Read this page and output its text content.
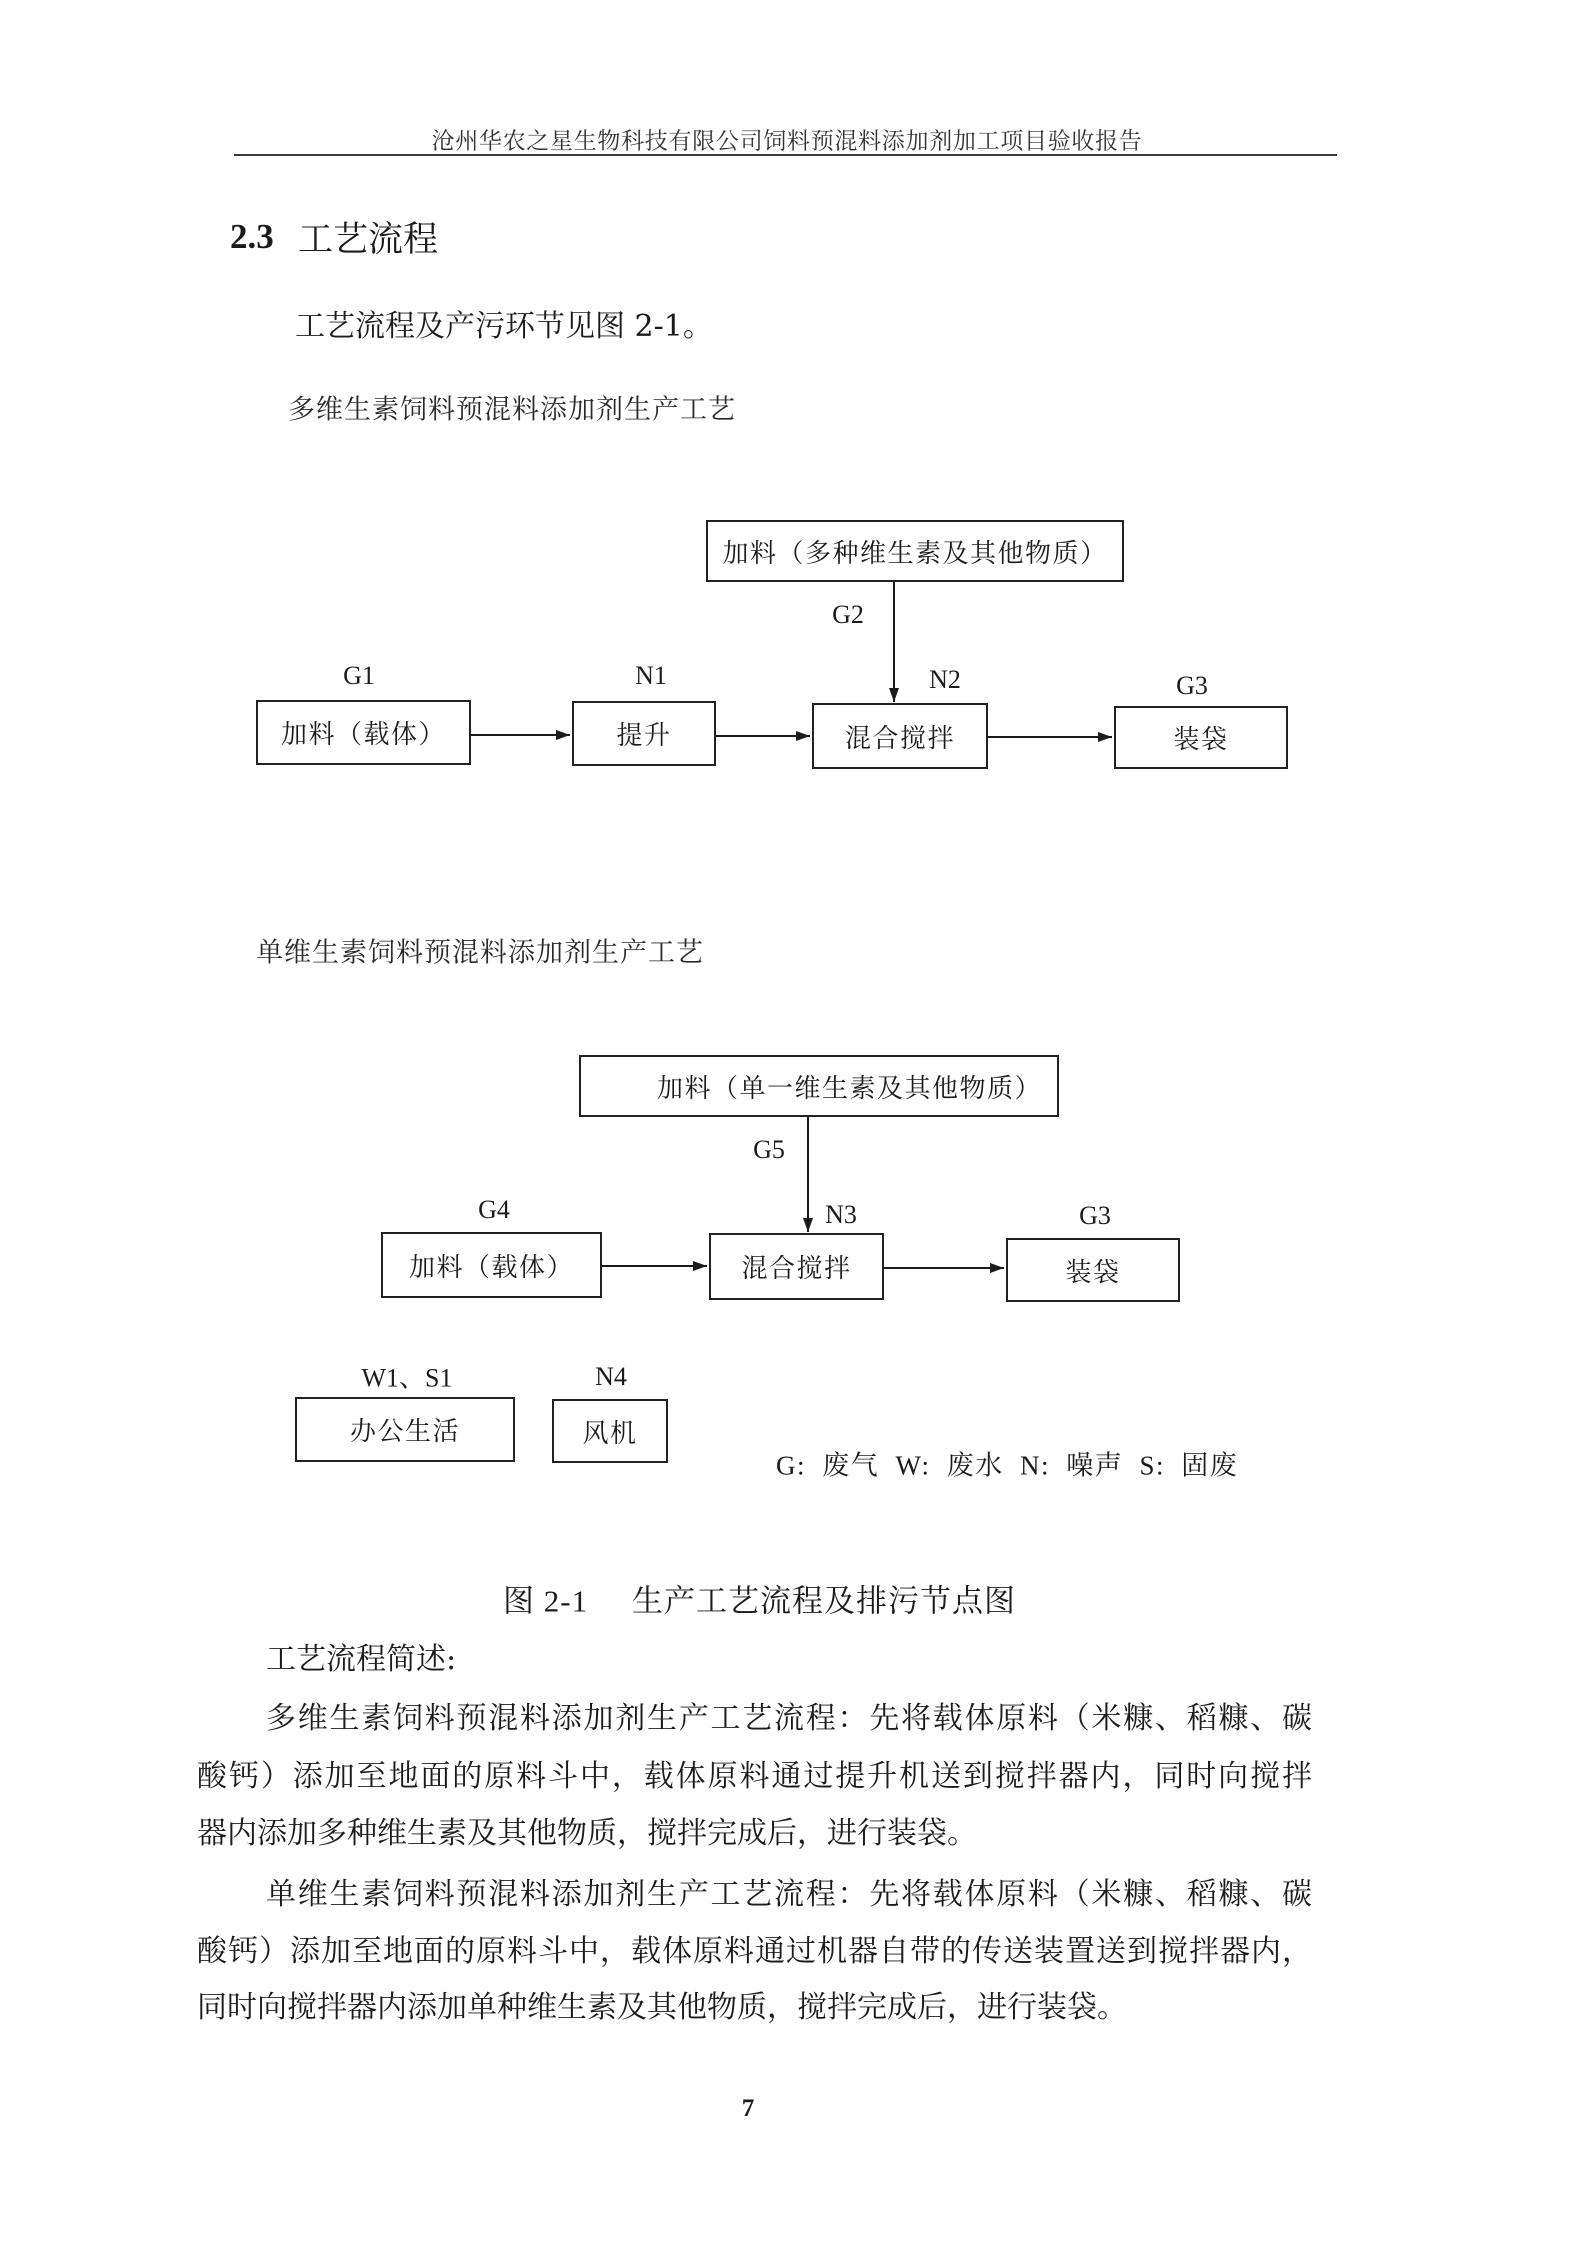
沧州华农之星生物科技有限公司饲料预混料添加剂加工项目验收报告
2.3 工艺流程
工艺流程及产污环节见图 2-1。
多维生素饲料预混料添加剂生产工艺
加料（多种维生素及其他物质）
G2
G1	N1	N2	G3
加料（载体）	提升	混合搅拌	装袋
单维生素饲料预混料添加剂生产工艺
加料（单一维生素及其他物质）
G5
G4	N3	G3
加料（载体）	混合搅拌	装袋
W1、S1	N4
办公生活	风机
G: 废气 W: 废水 N: 噪声 S: 固废
图 2-1 生产工艺流程及排污节点图
工艺流程简述:
多维生素饲料预混料添加剂生产工艺流程：先将载体原料（米糠、稻糠、碳
酸钙）添加至地面的原料斗中，载体原料通过提升机送到搅拌器内，同时向搅拌
器内添加多种维生素及其他物质，搅拌完成后，进行装袋。
单维生素饲料预混料添加剂生产工艺流程：先将载体原料（米糠、稻糠、碳
酸钙）添加至地面的原料斗中，载体原料通过机器自带的传送装置送到搅拌器内，
同时向搅拌器内添加单种维生素及其他物质，搅拌完成后，进行装袋。
7
